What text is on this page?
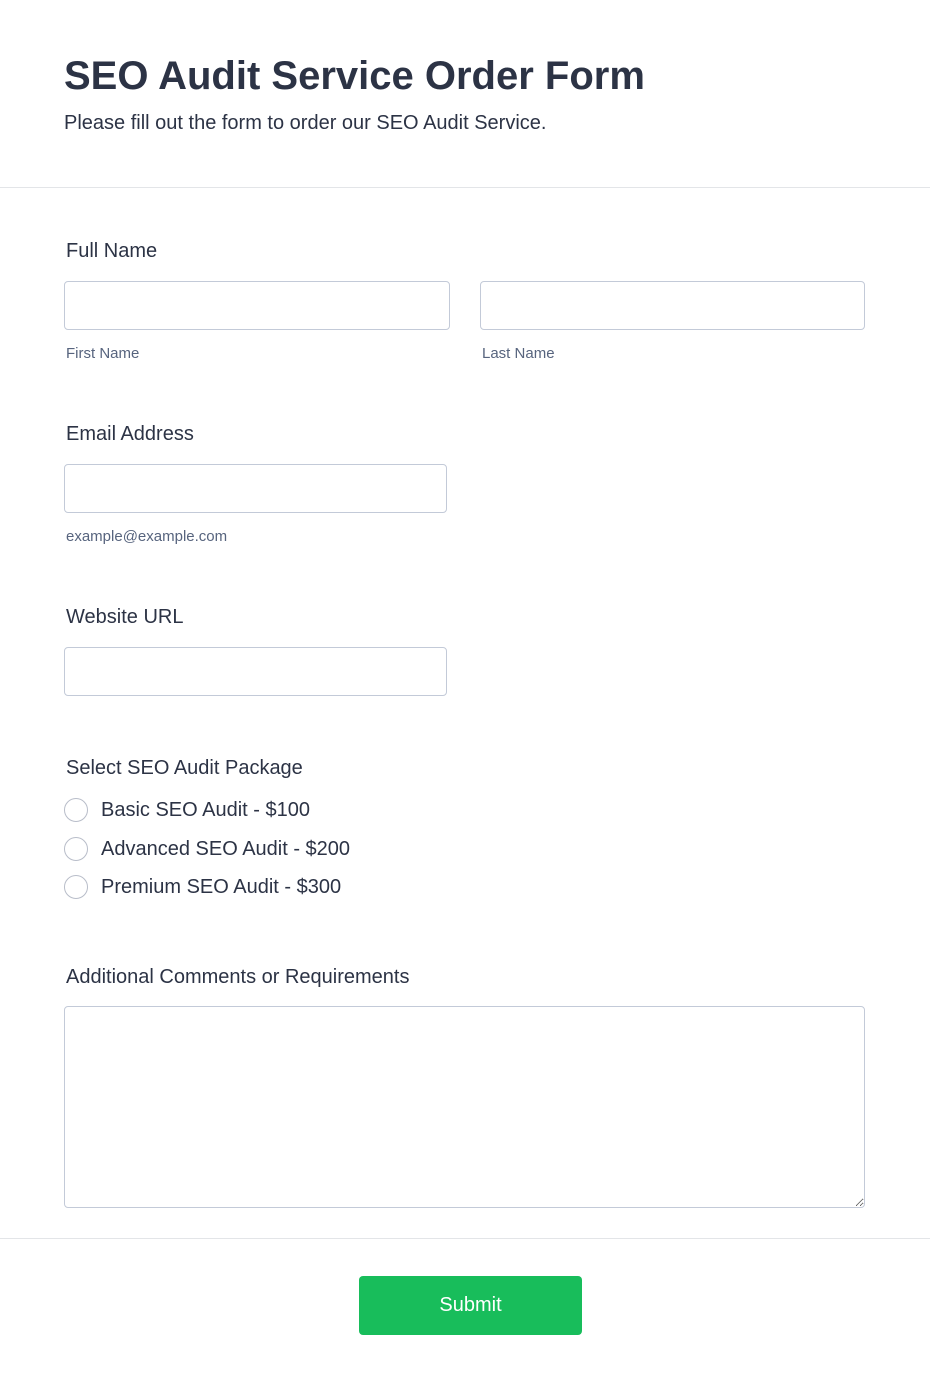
SEO Audit Service Order Form

Please fill out the form to order our SEO Audit Service.

Full Name
First Name	Last Name
Email Address
example@example.com
Website URL
Select SEO Audit Package
Basic SEO Audit - $100
Advanced SEO Audit - $200
Premium SEO Audit - $300
Additional Comments or Requirements
Submit
